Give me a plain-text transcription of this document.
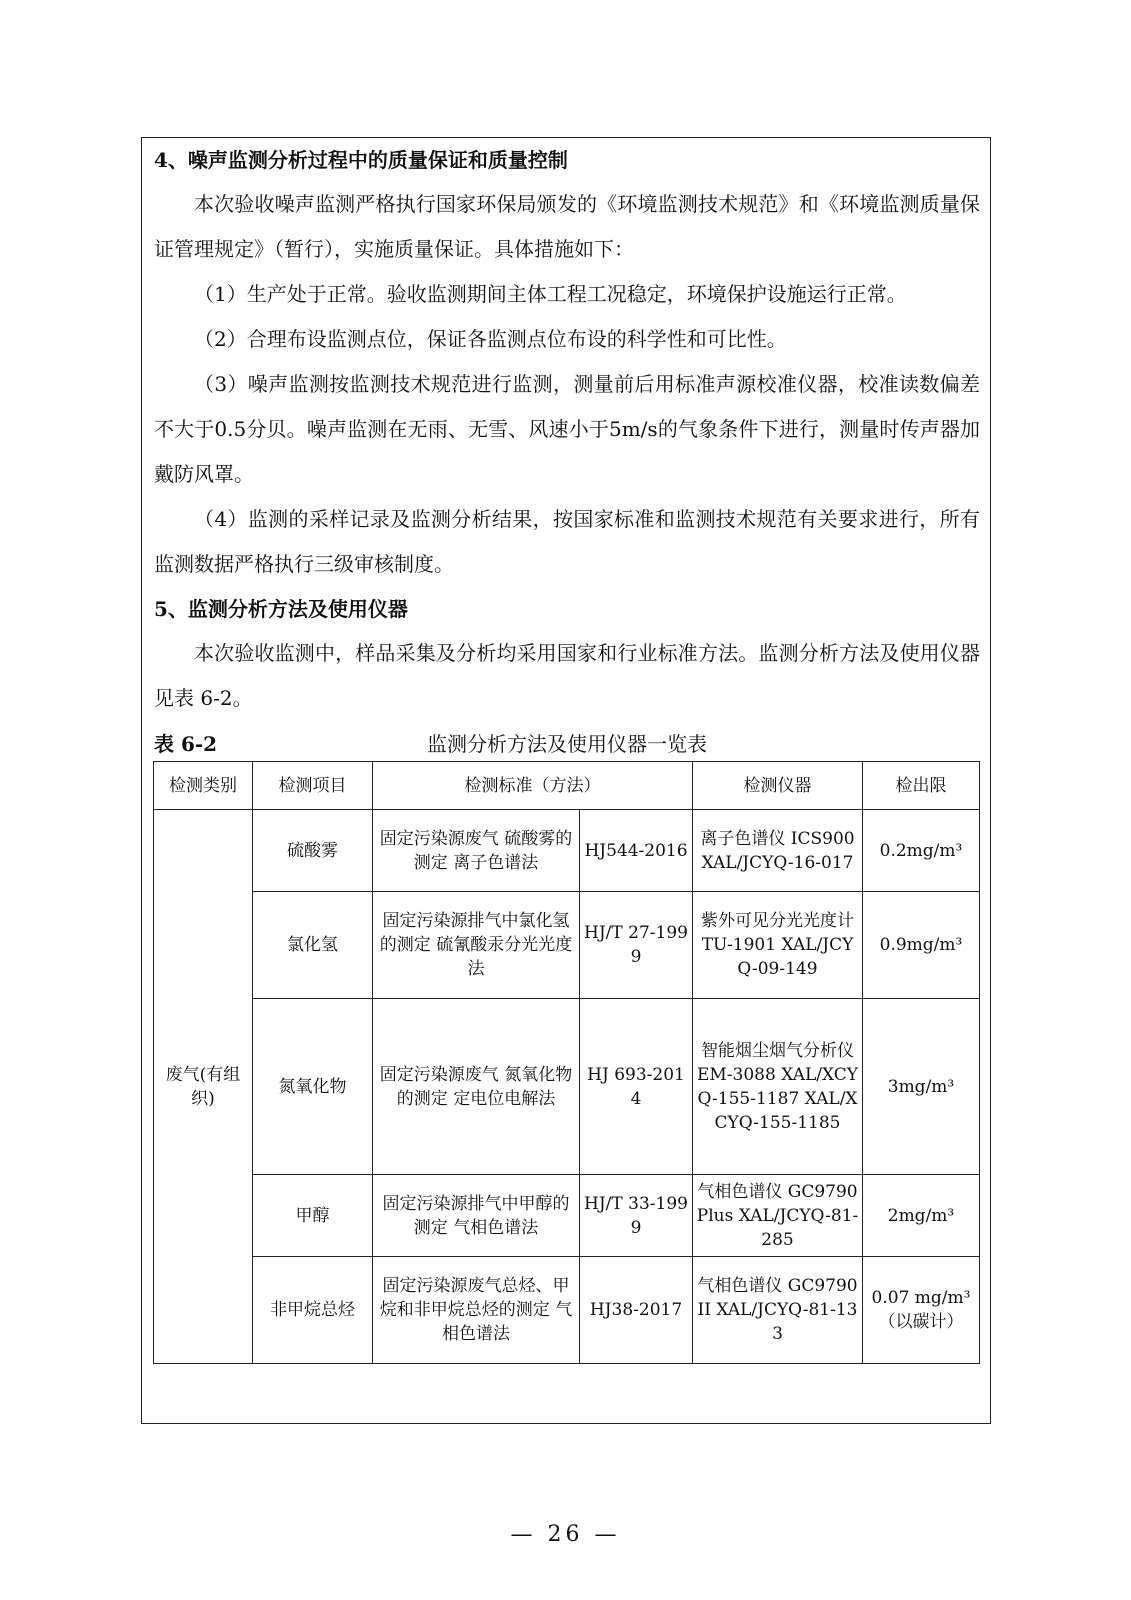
4、噪声监测分析过程中的质量保证和质量控制

本次验收噪声监测严格执行国家环保局颁发的《环境监测技术规范》和《环境监测质量保证管理规定》（暂行），实施质量保证。具体措施如下：

（1）生产处于正常。验收监测期间主体工程工况稳定，环境保护设施运行正常。

（2）合理布设监测点位，保证各监测点位布设的科学性和可比性。

（3）噪声监测按监测技术规范进行监测，测量前后用标准声源校准仪器，校准读数偏差不大于0.5分贝。噪声监测在无雨、无雪、风速小于5m/s的气象条件下进行，测量时传声器加戴防风罩。

（4）监测的采样记录及监测分析结果，按国家标准和监测技术规范有关要求进行，所有监测数据严格执行三级审核制度。

5、监测分析方法及使用仪器

本次验收监测中，样品采集及分析均采用国家和行业标准方法。监测分析方法及使用仪器见表 6-2。

表 6-2	监测分析方法及使用仪器一览表
检测类别	检测项目	检测标准（方法）		检测仪器	检出限
废气(有组织)	硫酸雾	固定污染源废气 硫酸雾的测定 离子色谱法	HJ544-2016	离子色谱仪 ICS900 XAL/JCYQ-16-017	0.2mg/m³
	氯化氢	固定污染源排气中氯化氢的测定 硫氰酸汞分光光度法	HJ/T 27-1999	紫外可见分光光度计 TU-1901 XAL/JCYQ-09-149	0.9mg/m³
	氮氧化物	固定污染源废气 氮氧化物的测定 定电位电解法	HJ 693-2014	智能烟尘烟气分析仪 EM-3088 XAL/XCYQ-155-1187 XAL/XCYQ-155-1185	3mg/m³
	甲醇	固定污染源排气中甲醇的测定 气相色谱法	HJ/T 33-1999	气相色谱仪 GC9790Plus XAL/JCYQ-81-285	2mg/m³
	非甲烷总烃	固定污染源废气总烃、甲烷和非甲烷总烃的测定 气相色谱法	HJ38-2017	气相色谱仪 GC9790II XAL/JCYQ-81-133	0.07 mg/m³ （以碳计）
— 26 —
